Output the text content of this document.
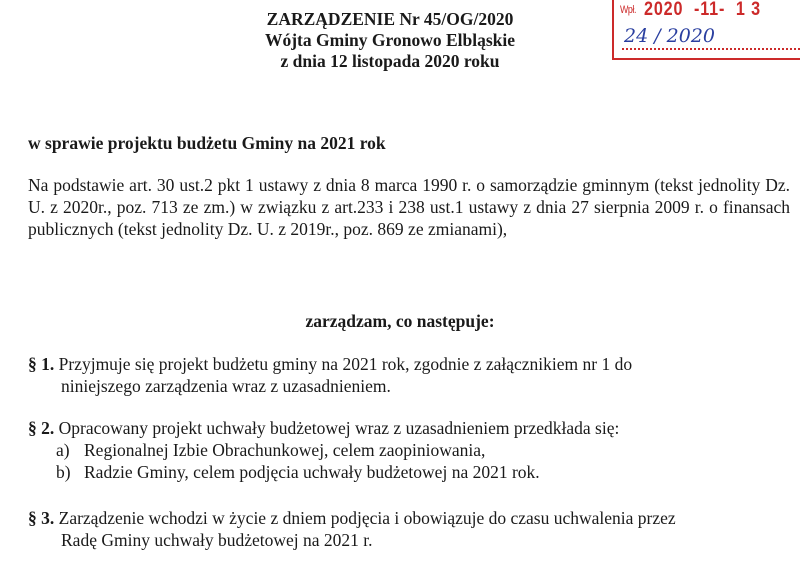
Wpł. 2020  -11-  1 3
24 / 2020
ZARZĄDZENIE Nr 45/OG/2020
Wójta Gminy Gronowo Elbląskie
z dnia 12 listopada 2020 roku
w sprawie projektu budżetu Gminy na 2021 rok
Na podstawie art. 30 ust.2 pkt 1 ustawy z dnia 8 marca 1990 r. o samorządzie gminnym (tekst jednolity Dz. U. z 2020r., poz. 713 ze zm.) w związku z art.233 i 238 ust.1 ustawy z dnia 27 sierpnia 2009 r. o finansach publicznych (tekst jednolity Dz. U. z 2019r., poz. 869 ze zmianami),
zarządzam, co następuje:
§ 1. Przyjmuje się projekt budżetu gminy na 2021 rok, zgodnie z załącznikiem nr 1 do
niniejszego zarządzenia wraz z uzasadnieniem.
§ 2. Opracowany projekt uchwały budżetowej wraz z uzasadnieniem przedkłada się:
a) Regionalnej Izbie Obrachunkowej, celem zaopiniowania,
b) Radzie Gminy, celem podjęcia uchwały budżetowej na 2021 rok.
§ 3. Zarządzenie wchodzi w życie z dniem podjęcia i obowiązuje do czasu uchwalenia przez
Radę Gminy uchwały budżetowej na 2021 r.
